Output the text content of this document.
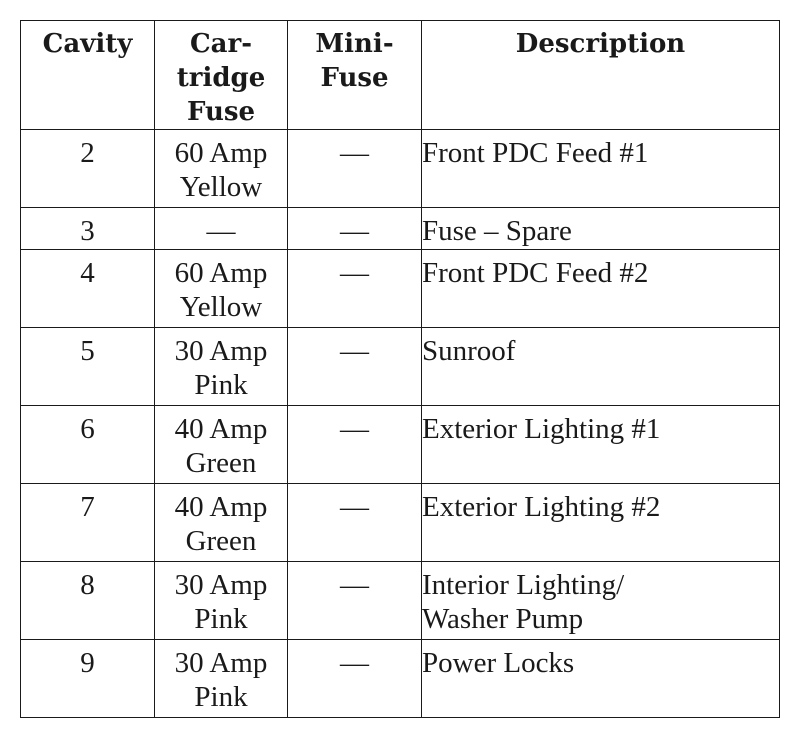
Cavity	Car-
tridge
Fuse	Mini-
Fuse	Description

2	60 Amp
Yellow	—	Front PDC Feed #1

3	—	—	Fuse – Spare

4	60 Amp
Yellow	—	Front PDC Feed #2

5	30 Amp
Pink	—	Sunroof

6	40 Amp
Green	—	Exterior Lighting #1

7	40 Amp
Green	—	Exterior Lighting #2

8	30 Amp
Pink	—	Interior Lighting/
Washer Pump

9	30 Amp
Pink	—	Power Locks
